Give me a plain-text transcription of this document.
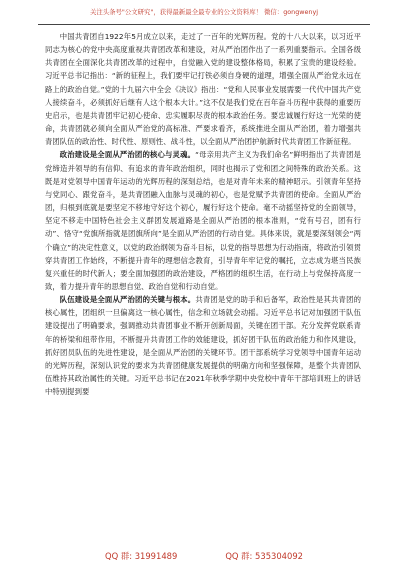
关注头条号"公文研究"，获得最新最全最专业的公文资料库！ 微信：gongwenyj

中国共青团自1922年5月成立以来，走过了一百年的光辉历程。党的十八大以来，以习近平同志为核心的党中央高度重视共青团改革和建设，对从严治团作出了一系列重要指示。全国各级共青团在全面深化共青团改革的过程中，自觉融入党的建设整体格局，积累了宝贵的建设经验。习近平总书记指出：“新的征程上，我们要牢记打铁必须自身硬的道理，增强全面从严治党永远在路上的政治自觉。”党的十九届六中全会《决议》指出：“党和人民事业发展需要一代代中国共产党人接续奋斗，必须抓好后继有人这个根本大计。”这不仅是我们党在百年奋斗历程中获得的重要历史启示，也是共青团牢记初心使命、忠实履职尽责的根本政治任务。要忠诚履行好这一光荣的使命，共青团就必须向全面从严治党的高标准、严要求看齐，系统推进全面从严治团，着力增强共青团队伍的政治性、时代性、原则性、战斗性，以全面从严治团护航新时代共青团工作新征程。

政治建设是全面从严治团的核心与灵魂。“母亲用共产主义为我们命名”鲜明指出了共青团是党缔造并领导的有信仰、有追求的青年政治组织，同时也揭示了党和团之间特殊的政治关系。这既是对党领导中国青年运动的光辉历程的深刻总结，也是对青年未来的精神昭示。引领青年坚持与党同心、跟党奋斗，是共青团融入血脉与灵魂的初心，也是党赋予共青团的使命。全面从严治团，归根到底就是要坚定不移地守好这个初心，履行好这个使命。毫不动摇坚持党的全面领导，坚定不移走中国特色社会主义群团发展道路是全面从严治团的根本准则，“党有号召，团有行动”、恪守“党旗所指就是团旗所向”是全面从严治团的行动自觉。具体来说，就是要深刻领会“两个确立”的决定性意义，以党的政治纲领为奋斗目标，以党的指导思想为行动指南，将政治引领贯穿共青团工作始终，不断提升青年的理想信念教育，引导青年牢记党的嘱托，立志成为堪当民族复兴重任的时代新人；要全面加强团的政治建设，严格团的组织生活，在行动上与党保持高度一致，着力提升青年的思想自觉、政治自觉和行动自觉。

队伍建设是全面从严治团的关键与根本。共青团是党的助手和后备军，政治性是其共青团的核心属性，团组织一旦偏离这一核心属性，信念和立场就会动摇。习近平总书记对加强团干队伍建设提出了明确要求，强调推动共青团事业不断开创新局面，关键在团干部。充分发挥党联系青年的桥梁和纽带作用，不断提升共青团工作的效能建设，抓好团干队伍的政治能力和作风建设，抓好团员队伍的先进性建设，是全面从严治团的关键环节。团干部系统学习党领导中国青年运动的光辉历程，深刻认识党的要求为共青团健康发展提供的明确方向和坚强保障，是整个共青团队伍维持其政治属性的关键。习近平总书记在2021年秋季学期中央党校中青年干部培训班上的讲话中特别提到要

QQ 群: 31991489	QQ 群: 535304092
